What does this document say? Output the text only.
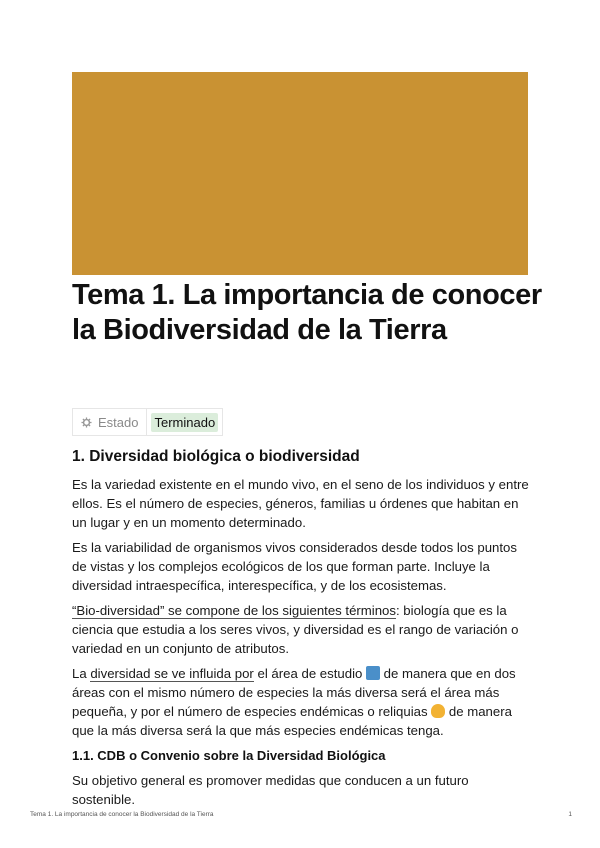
Tema 1. La importancia de conocer la Biodiversidad de la Tierra
Estado Terminado
1. Diversidad biológica o biodiversidad

Es la variedad existente en el mundo vivo, en el seno de los individuos y entre ellos. Es el número de especies, géneros, familias u órdenes que habitan en un lugar y en un momento determinado.

Es la variabilidad de organismos vivos considerados desde todos los puntos de vistas y los complejos ecológicos de los que forman parte. Incluye la diversidad intraespecífica, interespecífica, y de los ecosistemas.

“Bio-diversidad” se compone de los siguientes términos: biología que es la ciencia que estudia a los seres vivos, y diversidad es el rango de variación o variedad en un conjunto de atributos.

La diversidad se ve influida por el área de estudio  de manera que en dos áreas con el mismo número de especies la más diversa será el área más pequeña, y por el número de especies endémicas o reliquias  de manera que la más diversa será la que más especies endémicas tenga.

1.1. CDB o Convenio sobre la Diversidad Biológica

Su objetivo general es promover medidas que conducen a un futuro sostenible.

Tema 1. La importancia de conocer la Biodiversidad de la Tierra	1
